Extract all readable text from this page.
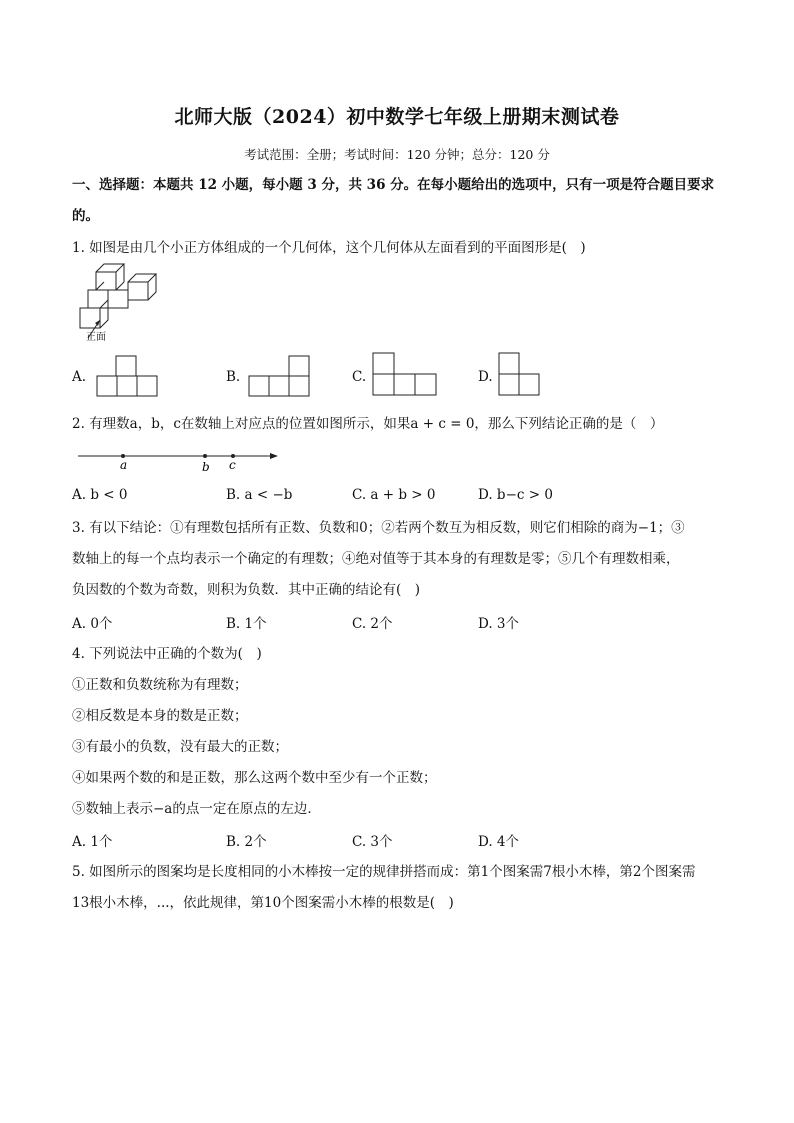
北师大版（2024）初中数学七年级上册期末测试卷
考试范围：全册；考试时间：120 分钟；总分：120 分
一、选择题：本题共 12 小题，每小题 3 分，共 36 分。在每小题给出的选项中，只有一项是符合题目要求
的。
1. 如图是由几个小正方体组成的一个几何体，这个几何体从左面看到的平面图形是(　)
正面
A.	B.	C.	D.
2. 有理数a，b，c在数轴上对应点的位置如图所示，如果a + c = 0，那么下列结论正确的是（　）
a	b c
A. b < 0	B. a < −b	C. a + b > 0	D. b−c > 0
3. 有以下结论：①有理数包括所有正数、负数和0；②若两个数互为相反数，则它们相除的商为−1；③
数轴上的每一个点均表示一个确定的有理数；④绝对值等于其本身的有理数是零；⑤几个有理数相乘，
负因数的个数为奇数，则积为负数．其中正确的结论有(　)
A. 0个	B. 1个	C. 2个	D. 3个
4. 下列说法中正确的个数为(　)
①正数和负数统称为有理数；
②相反数是本身的数是正数；
③有最小的负数，没有最大的正数；
④如果两个数的和是正数，那么这两个数中至少有一个正数；
⑤数轴上表示−a的点一定在原点的左边．
A. 1个	B. 2个	C. 3个	D. 4个
5. 如图所示的图案均是长度相同的小木棒按一定的规律拼搭而成：第1个图案需7根小木棒，第2个图案需
13根小木棒，...，依此规律，第10个图案需小木棒的根数是(　)
